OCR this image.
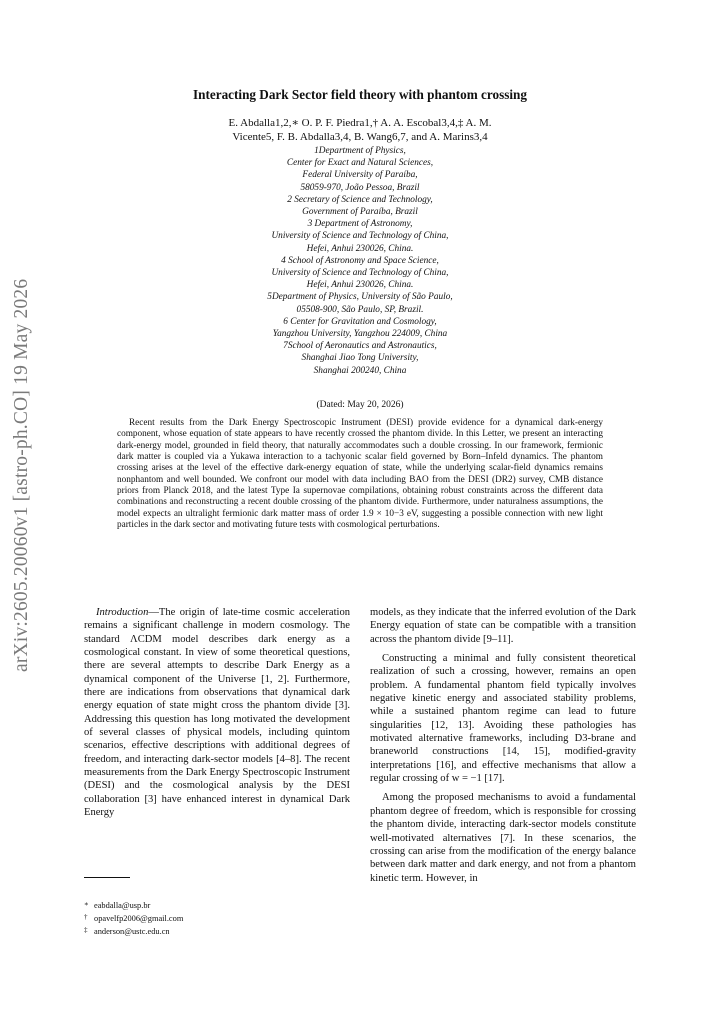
arXiv:2605.20060v1 [astro-ph.CO] 19 May 2026
Interacting Dark Sector field theory with phantom crossing
E. Abdalla1,2,∗ O. P. F. Piedra1,† A. A. Escobal3,4,‡ A. M.
Vicente5, F. B. Abdalla3,4, B. Wang6,7, and A. Marins3,4
1Department of Physics,
Center for Exact and Natural Sciences,
Federal University of Paraíba,
58059-970, João Pessoa, Brazil
2 Secretary of Science and Technology,
Government of Paraíba, Brazil
3 Department of Astronomy,
University of Science and Technology of China,
Hefei, Anhui 230026, China.
4 School of Astronomy and Space Science,
University of Science and Technology of China,
Hefei, Anhui 230026, China.
5Department of Physics, University of São Paulo,
05508-900, São Paulo, SP, Brazil.
6 Center for Gravitation and Cosmology,
Yangzhou University, Yangzhou 224009, China
7School of Aeronautics and Astronautics,
Shanghai Jiao Tong University,
Shanghai 200240, China
(Dated: May 20, 2026)
Recent results from the Dark Energy Spectroscopic Instrument (DESI) provide evidence for a dynamical dark-energy component, whose equation of state appears to have recently crossed the phantom divide. In this Letter, we present an interacting dark-energy model, grounded in field theory, that naturally accommodates such a double crossing. In our framework, fermionic dark matter is coupled via a Yukawa interaction to a tachyonic scalar field governed by Born–Infeld dynamics. The phantom crossing arises at the level of the effective dark-energy equation of state, while the underlying scalar-field dynamics remains nonphantom and well bounded. We confront our model with data including BAO from the DESI (DR2) survey, CMB distance priors from Planck 2018, and the latest Type Ia supernovae compilations, obtaining robust constraints across the different data combinations and reconstructing a recent double crossing of the phantom divide. Furthermore, under naturalness assumptions, the model expects an ultralight fermionic dark matter mass of order 1.9 × 10−3 eV, suggesting a possible connection with new light particles in the dark sector and motivating future tests with cosmological perturbations.

Introduction—The origin of late-time cosmic acceleration remains a significant challenge in modern cosmology. The standard ΛCDM model describes dark energy as a cosmological constant. In view of some theoretical questions, there are several attempts to describe Dark Energy as a dynamical component of the Universe [1, 2]. Furthermore, there are indications from observations that dynamical dark energy equation of state might cross the phantom divide [3]. Addressing this question has long motivated the development of several classes of physical models, including quintom scenarios, effective descriptions with additional degrees of freedom, and interacting dark-sector models [4–8]. The recent measurements from the Dark Energy Spectroscopic Instrument (DESI) and the cosmological analysis by the DESI collaboration [3] have enhanced interest in dynamical Dark Energy

models, as they indicate that the inferred evolution of the Dark Energy equation of state can be compatible with a transition across the phantom divide [9–11].

Constructing a minimal and fully consistent theoretical realization of such a crossing, however, remains an open problem. A fundamental phantom field typically involves negative kinetic energy and associated stability problems, while a sustained phantom regime can lead to future singularities [12, 13]. Avoiding these pathologies has motivated alternative frameworks, including D3-brane and braneworld constructions [14, 15], modified-gravity interpretations [16], and effective mechanisms that allow a regular crossing of w = −1 [17].

Among the proposed mechanisms to avoid a fundamental phantom degree of freedom, which is responsible for crossing the phantom divide, interacting dark-sector models constitute well-motivated alternatives [7]. In these scenarios, the crossing can arise from the modification of the energy balance between dark matter and dark energy, and not from a phantom kinetic term. However, in

∗ eabdalla@usp.br
† opavelfp2006@gmail.com
‡ anderson@ustc.edu.cn
